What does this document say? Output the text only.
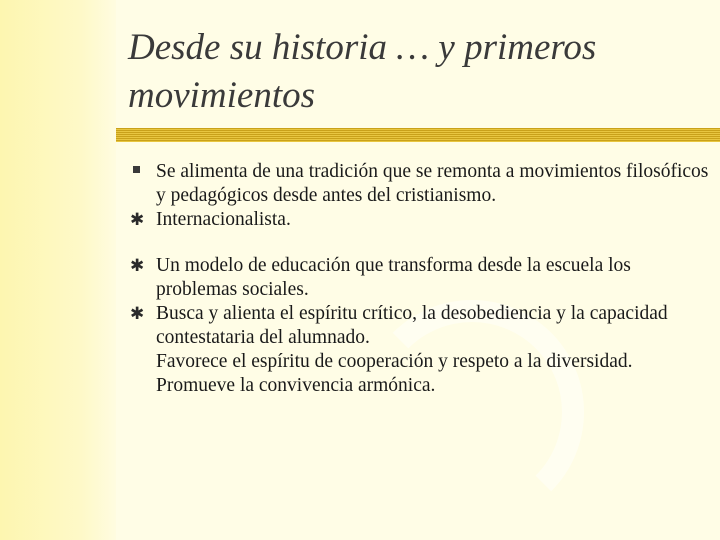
Desde su historia … y primeros movimientos
Se alimenta de una tradición que se remonta a movimientos filosóficos y pedagógicos desde antes del cristianismo.
✱ Internacionalista.
✱ Un modelo de educación que transforma desde la escuela los problemas sociales.
✱ Busca y alienta el espíritu crítico, la desobediencia y la capacidad contestataria del alumnado.
Favorece el espíritu de cooperación y respeto a la diversidad. Promueve la convivencia armónica.
